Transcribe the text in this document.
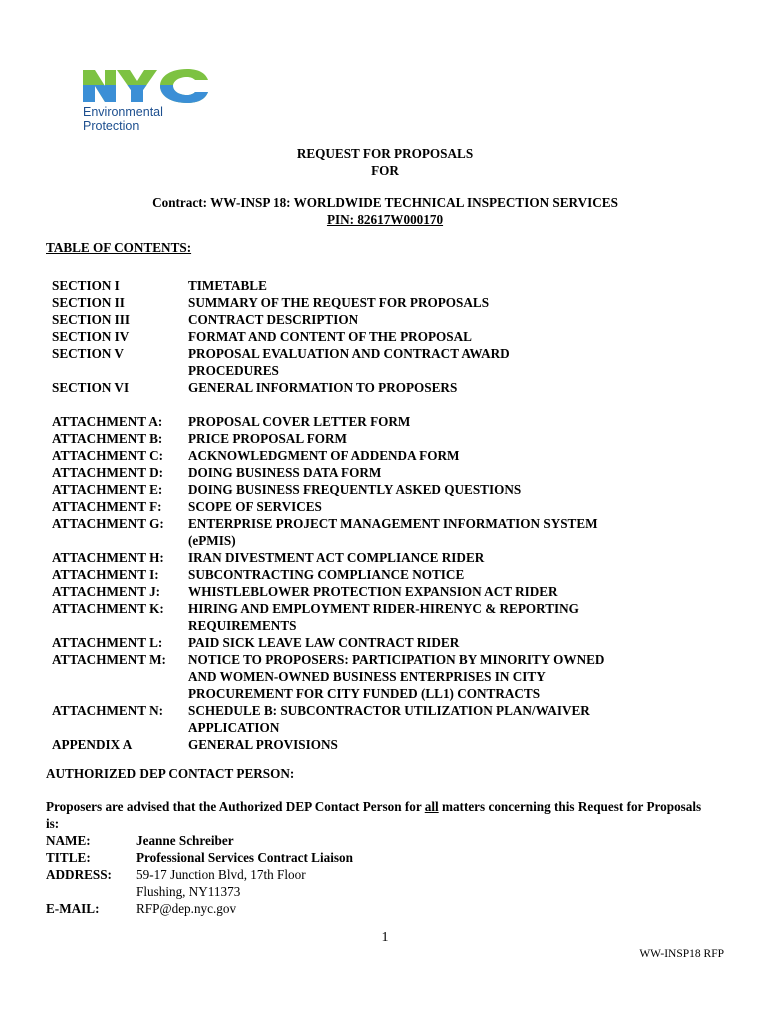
Environmental
Protection
REQUEST FOR PROPOSALS
FOR
Contract: WW-INSP 18: WORLDWIDE TECHNICAL INSPECTION SERVICES
PIN: 82617W000170
TABLE OF CONTENTS:
SECTION I	TIMETABLE
SECTION II	SUMMARY OF THE REQUEST FOR PROPOSALS
SECTION III	CONTRACT DESCRIPTION
SECTION IV	FORMAT AND CONTENT OF THE PROPOSAL
SECTION V	PROPOSAL EVALUATION AND CONTRACT AWARD PROCEDURES
SECTION VI	GENERAL INFORMATION TO PROPOSERS
ATTACHMENT A:	PROPOSAL COVER LETTER FORM
ATTACHMENT B:	PRICE PROPOSAL FORM
ATTACHMENT C:	ACKNOWLEDGMENT OF ADDENDA FORM
ATTACHMENT D:	DOING BUSINESS DATA FORM
ATTACHMENT E:	DOING BUSINESS FREQUENTLY ASKED QUESTIONS
ATTACHMENT F:	SCOPE OF SERVICES
ATTACHMENT G:	ENTERPRISE PROJECT MANAGEMENT INFORMATION SYSTEM (ePMIS)
ATTACHMENT H:	IRAN DIVESTMENT ACT COMPLIANCE RIDER
ATTACHMENT I:	SUBCONTRACTING COMPLIANCE NOTICE
ATTACHMENT J:	WHISTLEBLOWER PROTECTION EXPANSION ACT RIDER
ATTACHMENT K:	HIRING AND EMPLOYMENT RIDER-HIRENYC & REPORTING REQUIREMENTS
ATTACHMENT L:	PAID SICK LEAVE LAW CONTRACT RIDER
ATTACHMENT M:	NOTICE TO PROPOSERS: PARTICIPATION BY MINORITY OWNED AND WOMEN-OWNED BUSINESS ENTERPRISES IN CITY PROCUREMENT FOR CITY FUNDED (LL1) CONTRACTS
ATTACHMENT N:	SCHEDULE B: SUBCONTRACTOR UTILIZATION PLAN/WAIVER APPLICATION
APPENDIX A	GENERAL PROVISIONS
AUTHORIZED DEP CONTACT PERSON:
Proposers are advised that the Authorized DEP Contact Person for all matters concerning this Request for Proposals is:
NAME:	Jeanne Schreiber
TITLE:	Professional Services Contract Liaison
ADDRESS:	59-17 Junction Blvd, 17th Floor
Flushing, NY11373
E-MAIL:	RFP@dep.nyc.gov
1
WW-INSP18 RFP
